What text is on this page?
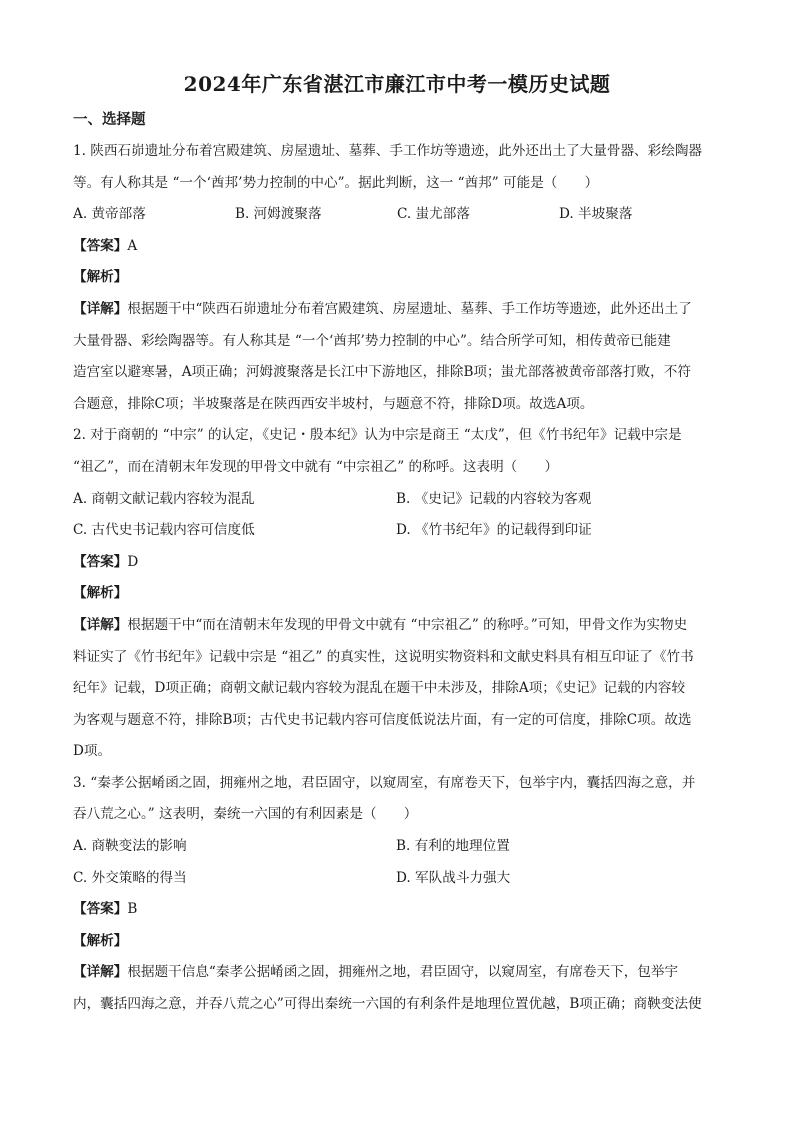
2024年广东省湛江市廉江市中考一模历史试题
一、选择题
1. 陕西石峁遗址分布着宫殿建筑、房屋遗址、墓葬、手工作坊等遗迹，此外还出土了大量骨器、彩绘陶器
等。有人称其是 “一个‘酋邦’势力控制的中心”。据此判断，这一 “酋邦” 可能是（　　）
A. 黄帝部落	B. 河姆渡聚落	C. 蚩尤部落	D. 半坡聚落
【答案】A
【解析】
【详解】根据题干中“陕西石峁遗址分布着宫殿建筑、房屋遗址、墓葬、手工作坊等遗迹，此外还出土了
大量骨器、彩绘陶器等。有人称其是 “一个‘酋邦’势力控制的中心”。结合所学可知，相传黄帝已能建
造宫室以避寒暑，A项正确；河姆渡聚落是长江中下游地区，排除B项；蚩尤部落被黄帝部落打败，不符
合题意，排除C项；半坡聚落是在陕西西安半坡村，与题意不符，排除D项。故选A项。
2. 对于商朝的 “中宗” 的认定，《史记・殷本纪》认为中宗是商王 “太戊”，但《竹书纪年》记载中宗是
“祖乙”，而在清朝末年发现的甲骨文中就有 “中宗祖乙” 的称呼。这表明（　　）
A. 商朝文献记载内容较为混乱	B. 《史记》记载的内容较为客观
C. 古代史书记载内容可信度低	D. 《竹书纪年》的记载得到印证
【答案】D
【解析】
【详解】根据题干中“而在清朝末年发现的甲骨文中就有 “中宗祖乙” 的称呼。”可知，甲骨文作为实物史
料证实了《竹书纪年》记载中宗是 “祖乙” 的真实性，这说明实物资料和文献史料具有相互印证了《竹书
纪年》记载，D项正确；商朝文献记载内容较为混乱在题干中未涉及，排除A项；《史记》记载的内容较
为客观与题意不符，排除B项；古代史书记载内容可信度低说法片面，有一定的可信度，排除C项。故选
D项。
3. “秦孝公据崤函之固，拥雍州之地，君臣固守，以窥周室，有席卷天下，包举宇内，囊括四海之意，并
吞八荒之心。” 这表明，秦统一六国的有利因素是（　　）
A. 商鞅变法的影响	B. 有利的地理位置
C. 外交策略的得当	D. 军队战斗力强大
【答案】B
【解析】
【详解】根据题干信息“秦孝公据崤函之固，拥雍州之地，君臣固守，以窥周室，有席卷天下，包举宇
内，囊括四海之意，并吞八荒之心”可得出秦统一六国的有利条件是地理位置优越，B项正确；商鞅变法使
